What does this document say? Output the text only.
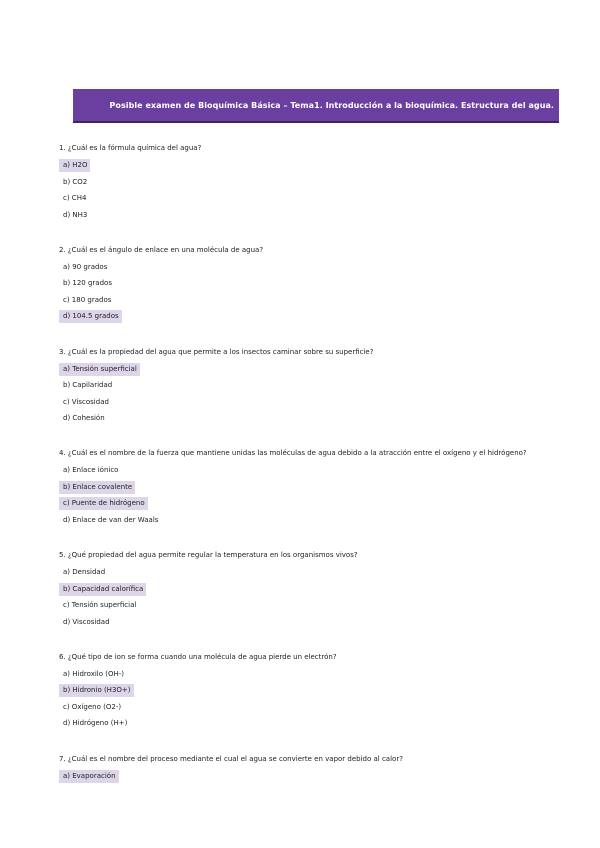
Posible examen de Bioquímica Básica – Tema1. Introducción a la bioquímica. Estructura del agua.
1. ¿Cuál es la fórmula química del agua?
a) H2O
b) CO2
c) CH4
d) NH3
2. ¿Cuál es el ángulo de enlace en una molécula de agua?
a) 90 grados
b) 120 grados
c) 180 grados
d) 104.5 grados
3. ¿Cuál es la propiedad del agua que permite a los insectos caminar sobre su superficie?
a) Tensión superficial
b) Capilaridad
c) Viscosidad
d) Cohesión
4. ¿Cuál es el nombre de la fuerza que mantiene unidas las moléculas de agua debido a la atracción entre el oxígeno y el hidrógeno?
a) Enlace iónico
b) Enlace covalente
c) Puente de hidrógeno
d) Enlace de van der Waals
5. ¿Qué propiedad del agua permite regular la temperatura en los organismos vivos?
a) Densidad
b) Capacidad calorífica
c) Tensión superficial
d) Viscosidad
6. ¿Qué tipo de ion se forma cuando una molécula de agua pierde un electrón?
a) Hidroxilo (OH-)
b) Hidronio (H3O+)
c) Oxígeno (O2-)
d) Hidrógeno (H+)
7. ¿Cuál es el nombre del proceso mediante el cual el agua se convierte en vapor debido al calor?
a) Evaporación
